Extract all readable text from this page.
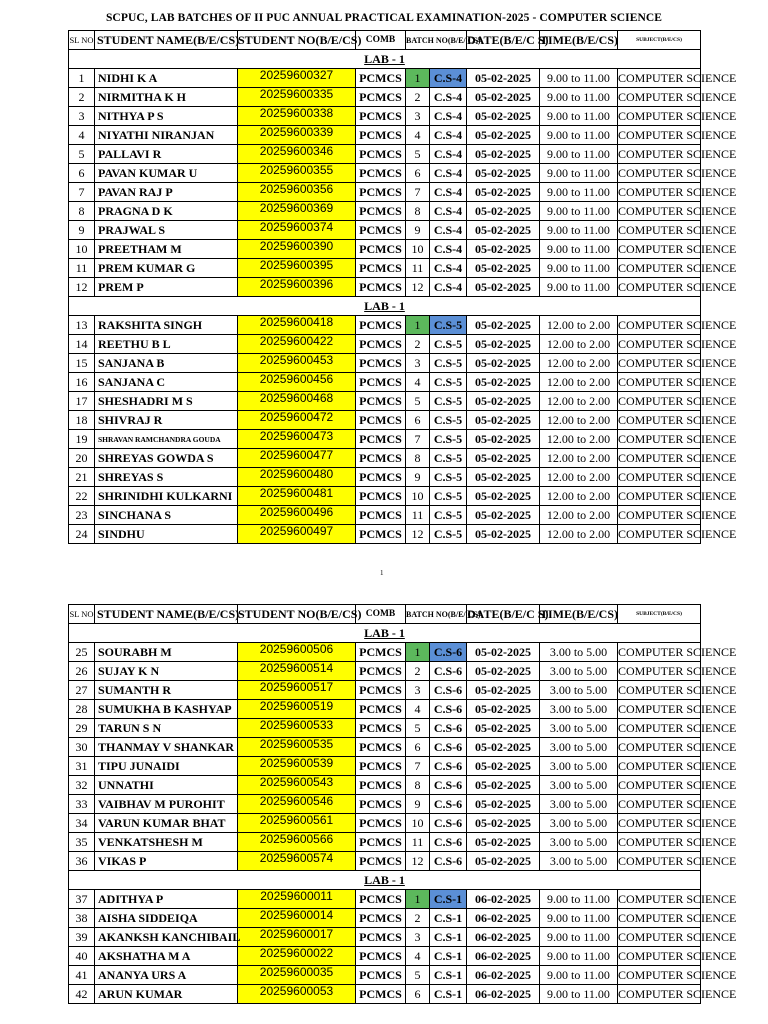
SCPUC, LAB BATCHES OF II PUC ANNUAL PRACTICAL EXAMINATION-2025 - COMPUTER SCIENCE
SL NO	STUDENT NAME(B/E/CS)	STUDENT NO(B/E/CS)	COMB	BATCH NO(B/E/ CS)		DATE(B/E/C S)	TIME(B/E/CS)	SUBJECT(B/E/CS)
LAB - 1								
1	NIDHI K A	20259600327	PCMCS	1	C.S-4	05-02-2025	9.00 to 11.00	COMPUTER SCIENCE
2	NIRMITHA K H	20259600335	PCMCS	2	C.S-4	05-02-2025	9.00 to 11.00	COMPUTER SCIENCE
3	NITHYA P S	20259600338	PCMCS	3	C.S-4	05-02-2025	9.00 to 11.00	COMPUTER SCIENCE
4	NIYATHI NIRANJAN	20259600339	PCMCS	4	C.S-4	05-02-2025	9.00 to 11.00	COMPUTER SCIENCE
5	PALLAVI R	20259600346	PCMCS	5	C.S-4	05-02-2025	9.00 to 11.00	COMPUTER SCIENCE
6	PAVAN KUMAR U	20259600355	PCMCS	6	C.S-4	05-02-2025	9.00 to 11.00	COMPUTER SCIENCE
7	PAVAN RAJ P	20259600356	PCMCS	7	C.S-4	05-02-2025	9.00 to 11.00	COMPUTER SCIENCE
8	PRAGNA D K	20259600369	PCMCS	8	C.S-4	05-02-2025	9.00 to 11.00	COMPUTER SCIENCE
9	PRAJWAL S	20259600374	PCMCS	9	C.S-4	05-02-2025	9.00 to 11.00	COMPUTER SCIENCE
10	PREETHAM M	20259600390	PCMCS	10	C.S-4	05-02-2025	9.00 to 11.00	COMPUTER SCIENCE
11	PREM KUMAR G	20259600395	PCMCS	11	C.S-4	05-02-2025	9.00 to 11.00	COMPUTER SCIENCE
12	PREM P	20259600396	PCMCS	12	C.S-4	05-02-2025	9.00 to 11.00	COMPUTER SCIENCE
LAB - 1								
13	RAKSHITA SINGH	20259600418	PCMCS	1	C.S-5	05-02-2025	12.00 to 2.00	COMPUTER SCIENCE
14	REETHU B L	20259600422	PCMCS	2	C.S-5	05-02-2025	12.00 to 2.00	COMPUTER SCIENCE
15	SANJANA B	20259600453	PCMCS	3	C.S-5	05-02-2025	12.00 to 2.00	COMPUTER SCIENCE
16	SANJANA C	20259600456	PCMCS	4	C.S-5	05-02-2025	12.00 to 2.00	COMPUTER SCIENCE
17	SHESHADRI M S	20259600468	PCMCS	5	C.S-5	05-02-2025	12.00 to 2.00	COMPUTER SCIENCE
18	SHIVRAJ R	20259600472	PCMCS	6	C.S-5	05-02-2025	12.00 to 2.00	COMPUTER SCIENCE
19	SHRAVAN RAMCHANDRA GOUDA	20259600473	PCMCS	7	C.S-5	05-02-2025	12.00 to 2.00	COMPUTER SCIENCE
20	SHREYAS GOWDA S	20259600477	PCMCS	8	C.S-5	05-02-2025	12.00 to 2.00	COMPUTER SCIENCE
21	SHREYAS S	20259600480	PCMCS	9	C.S-5	05-02-2025	12.00 to 2.00	COMPUTER SCIENCE
22	SHRINIDHI KULKARNI	20259600481	PCMCS	10	C.S-5	05-02-2025	12.00 to 2.00	COMPUTER SCIENCE
23	SINCHANA S	20259600496	PCMCS	11	C.S-5	05-02-2025	12.00 to 2.00	COMPUTER SCIENCE
24	SINDHU	20259600497	PCMCS	12	C.S-5	05-02-2025	12.00 to 2.00	COMPUTER SCIENCE
1
SL NO	STUDENT NAME(B/E/CS)	STUDENT NO(B/E/CS)	COMB	BATCH NO(B/E/ CS)		DATE(B/E/C S)	TIME(B/E/CS)	SUBJECT(B/E/CS)
LAB - 1								
25	SOURABH M	20259600506	PCMCS	1	C.S-6	05-02-2025	3.00 to 5.00	COMPUTER SCIENCE
26	SUJAY K N	20259600514	PCMCS	2	C.S-6	05-02-2025	3.00 to 5.00	COMPUTER SCIENCE
27	SUMANTH R	20259600517	PCMCS	3	C.S-6	05-02-2025	3.00 to 5.00	COMPUTER SCIENCE
28	SUMUKHA B KASHYAP	20259600519	PCMCS	4	C.S-6	05-02-2025	3.00 to 5.00	COMPUTER SCIENCE
29	TARUN S N	20259600533	PCMCS	5	C.S-6	05-02-2025	3.00 to 5.00	COMPUTER SCIENCE
30	THANMAY V SHANKAR	20259600535	PCMCS	6	C.S-6	05-02-2025	3.00 to 5.00	COMPUTER SCIENCE
31	TIPU JUNAIDI	20259600539	PCMCS	7	C.S-6	05-02-2025	3.00 to 5.00	COMPUTER SCIENCE
32	UNNATHI	20259600543	PCMCS	8	C.S-6	05-02-2025	3.00 to 5.00	COMPUTER SCIENCE
33	VAIBHAV M PUROHIT	20259600546	PCMCS	9	C.S-6	05-02-2025	3.00 to 5.00	COMPUTER SCIENCE
34	VARUN KUMAR BHAT	20259600561	PCMCS	10	C.S-6	05-02-2025	3.00 to 5.00	COMPUTER SCIENCE
35	VENKATSHESH M	20259600566	PCMCS	11	C.S-6	05-02-2025	3.00 to 5.00	COMPUTER SCIENCE
36	VIKAS P	20259600574	PCMCS	12	C.S-6	05-02-2025	3.00 to 5.00	COMPUTER SCIENCE
LAB - 1								
37	ADITHYA P	20259600011	PCMCS	1	C.S-1	06-02-2025	9.00 to 11.00	COMPUTER SCIENCE
38	AISHA SIDDEIQA	20259600014	PCMCS	2	C.S-1	06-02-2025	9.00 to 11.00	COMPUTER SCIENCE
39	AKANKSH KANCHIBAIL	20259600017	PCMCS	3	C.S-1	06-02-2025	9.00 to 11.00	COMPUTER SCIENCE
40	AKSHATHA M A	20259600022	PCMCS	4	C.S-1	06-02-2025	9.00 to 11.00	COMPUTER SCIENCE
41	ANANYA URS A	20259600035	PCMCS	5	C.S-1	06-02-2025	9.00 to 11.00	COMPUTER SCIENCE
42	ARUN KUMAR	20259600053	PCMCS	6	C.S-1	06-02-2025	9.00 to 11.00	COMPUTER SCIENCE
